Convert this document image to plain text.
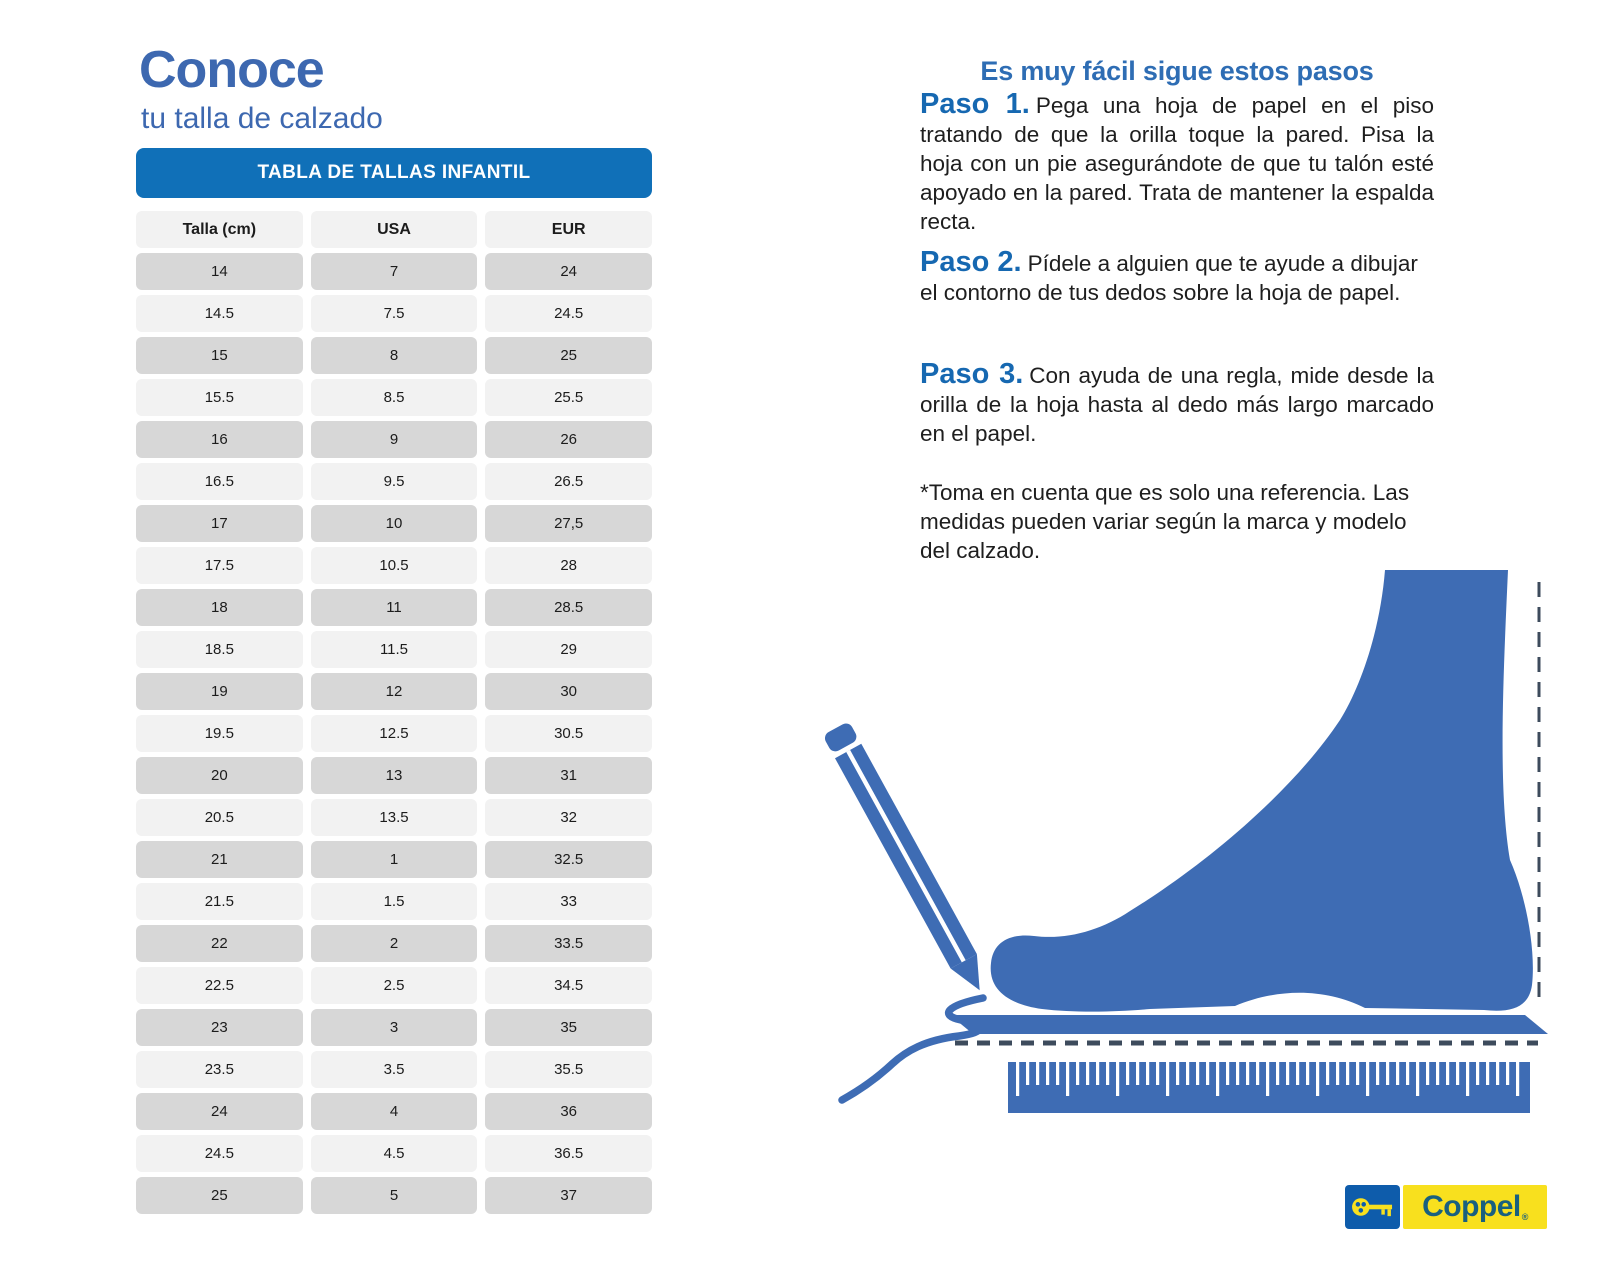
Conoce
tu talla de calzado
TABLA DE TALLAS INFANTIL
Talla (cm)	USA	EUR
14	7	24
14.5	7.5	24.5
15	8	25
15.5	8.5	25.5
16	9	26
16.5	9.5	26.5
17	10	27,5
17.5	10.5	28
18	11	28.5
18.5	11.5	29
19	12	30
19.5	12.5	30.5
20	13	31
20.5	13.5	32
21	1	32.5
21.5	1.5	33
22	2	33.5
22.5	2.5	34.5
23	3	35
23.5	3.5	35.5
24	4	36
24.5	4.5	36.5
25	5	37
Es muy fácil sigue estos pasos

Paso 1. Pega una hoja de papel en el piso tratando de que la orilla toque la pared. Pisa la hoja con un pie asegurándote de que tu talón esté apoyado en la pared. Trata de mantener la espalda recta.

Paso 2. Pídele a alguien que te ayude a dibujar el contorno de tus dedos sobre la hoja de papel.

Paso 3. Con ayuda de una regla, mide desde la orilla de la hoja hasta al dedo más largo marcado en el papel.

*Toma en cuenta que es solo una referencia. Las medidas pueden variar según la marca y modelo del calzado.

Coppel ®
